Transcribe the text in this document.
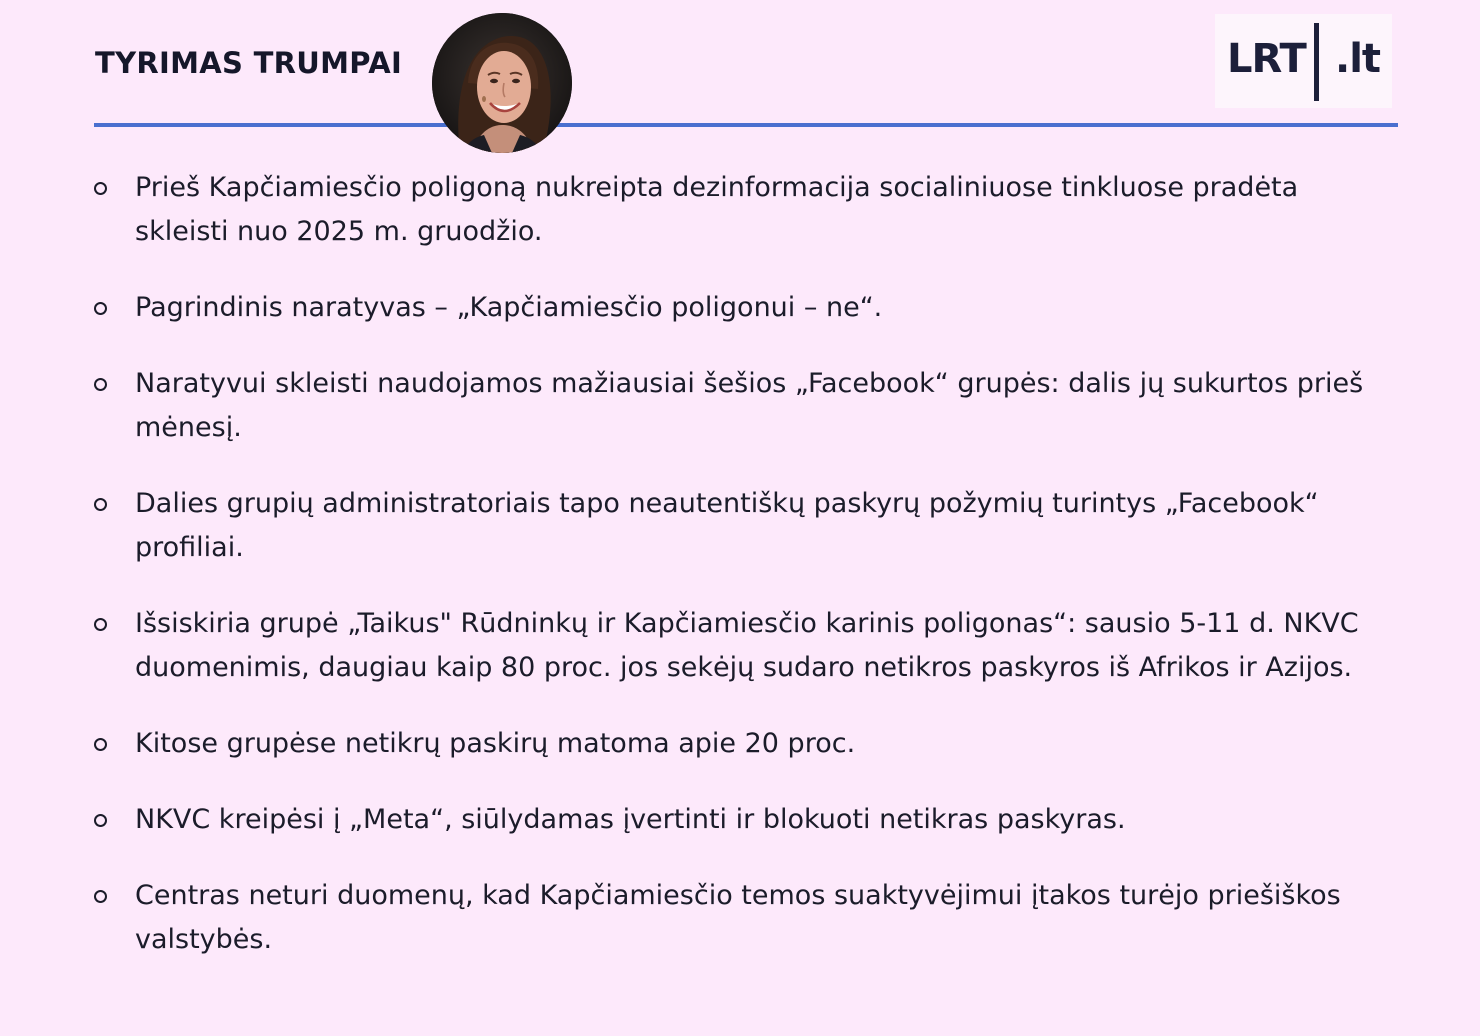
TYRIMAS TRUMPAI	LRT .lt
Prieš Kapčiamiesčio poligoną nukreipta dezinformacija socialiniuose tinkluose pradėta skleisti nuo 2025 m. gruodžio.
Pagrindinis naratyvas – „Kapčiamiesčio poligonui – ne“.
Naratyvui skleisti naudojamos mažiausiai šešios „Facebook“ grupės: dalis jų sukurtos prieš mėnesį.
Dalies grupių administratoriais tapo neautentiškų paskyrų požymių turintys „Facebook“ profiliai.
Išsiskiria grupė „Taikus" Rūdninkų ir Kapčiamiesčio karinis poligonas“: sausio 5-11 d. NKVC duomenimis, daugiau kaip 80 proc. jos sekėjų sudaro netikros paskyros iš Afrikos ir Azijos.
Kitose grupėse netikrų paskirų matoma apie 20 proc.
NKVC kreipėsi į „Meta“, siūlydamas įvertinti ir blokuoti netikras paskyras.
Centras neturi duomenų, kad Kapčiamiesčio temos suaktyvėjimui įtakos turėjo priešiškos valstybės.
